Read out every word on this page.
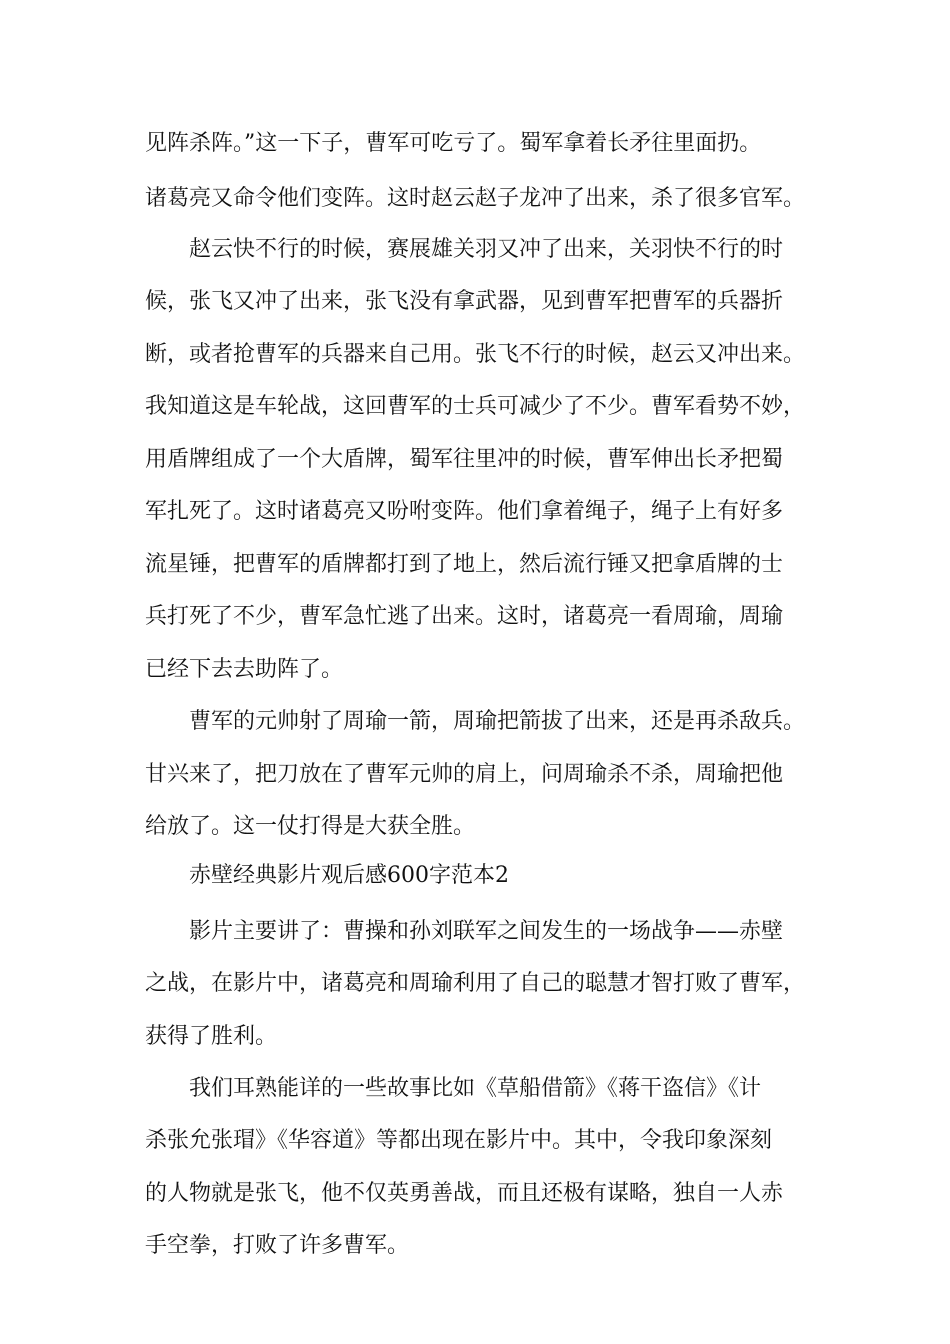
见阵杀阵。”这一下子，曹军可吃亏了。蜀军拿着长矛往里面扔。
诸葛亮又命令他们变阵。这时赵云赵子龙冲了出来，杀了很多官军。
赵云快不行的时候，赛展雄关羽又冲了出来，关羽快不行的时
候，张飞又冲了出来，张飞没有拿武器，见到曹军把曹军的兵器折
断，或者抢曹军的兵器来自己用。张飞不行的时候，赵云又冲出来。
我知道这是车轮战，这回曹军的士兵可减少了不少。曹军看势不妙，
用盾牌组成了一个大盾牌，蜀军往里冲的时候，曹军伸出长矛把蜀
军扎死了。这时诸葛亮又吩咐变阵。他们拿着绳子，绳子上有好多
流星锤，把曹军的盾牌都打到了地上，然后流行锤又把拿盾牌的士
兵打死了不少，曹军急忙逃了出来。这时，诸葛亮一看周瑜，周瑜
已经下去去助阵了。
曹军的元帅射了周瑜一箭，周瑜把箭拔了出来，还是再杀敌兵。
甘兴来了，把刀放在了曹军元帅的肩上，问周瑜杀不杀，周瑜把他
给放了。这一仗打得是大获全胜。
赤壁经典影片观后感600字范本2
影片主要讲了：曹操和孙刘联军之间发生的一场战争——赤壁
之战，在影片中，诸葛亮和周瑜利用了自己的聪慧才智打败了曹军，
获得了胜利。
我们耳熟能详的一些故事比如《草船借箭》《蒋干盗信》《计
杀张允张瑁》《华容道》等都出现在影片中。其中，令我印象深刻
的人物就是张飞，他不仅英勇善战，而且还极有谋略，独自一人赤
手空拳，打败了许多曹军。
